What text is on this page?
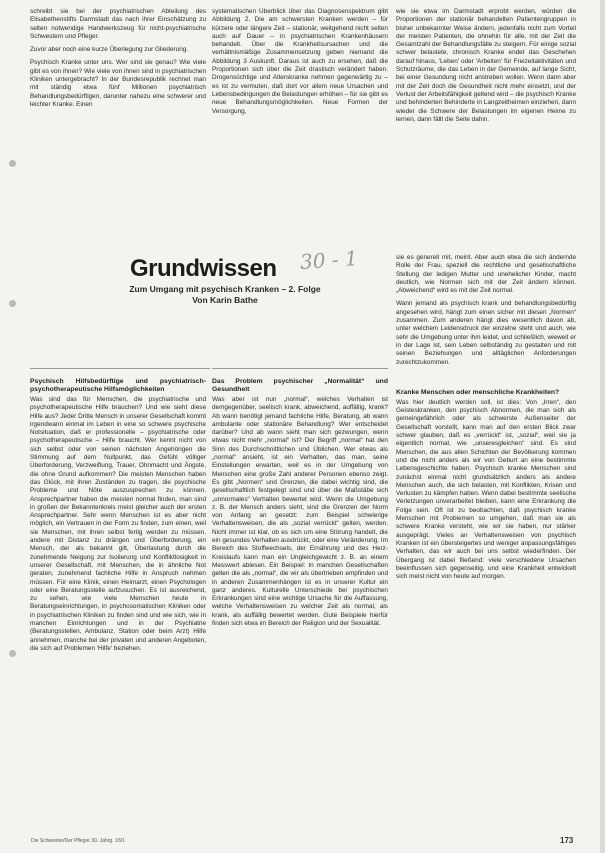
schreibt sie bei der psychiatrischen Abteilung des Elisabethenstifts Darmstadt das nach ihrer Einschätzung zu selten notwendige Handwerkszeug für nicht-psychiatrische Schwestern und Pfleger.

Zuvor aber noch eine kurze Überlegung zur Gliederung.

Psychisch Kranke unter uns. Wer sind sie genau? Wie viele gibt es von ihnen? Wie viele von ihnen sind in psychiatrischen Kliniken untergebracht? In der Bundesrepublik rechnet man mit ständig etwa fünf Millionen psychiatrisch Behandlungsbedürftigen, darunter nahezu eine schwerer und leichter Kranke. Einen

systematischen Überblick über das Diagnosenspektrum gibt Abbildung 2. Die am schwersten Kranken werden – für kürzere oder längere Zeit – stationär, weitgehend nicht selten auch auf Dauer – in psychiatrischen Krankenhäusern behandelt. Über die Krankheitsursachen und die verhältnismäßige Zusammensetzung geben niemand die Abbildung 3 Auskunft. Daraus ist auch zu ersehen, daß die Proportionen sich über die Zeit drastisch verändert haben. Drogensüchtige und Alterskranke nehmen gegenwärtig zu – es ist zu vermuten, daß dort vor allem neue Ursachen und Lebensbedingungen die Belastungen erhöhen – für sie gibt es neue Behandlungsmöglichkeiten. Neue Formen der Versorgung,

wie sie etwa im Darmstadt erprobt werden, würden die Proportionen der stationär behandelten Patientengruppen in bisher unbekannter Weise ändern, jedenfalls nicht zum Vorteil der meisten Patienten, die ohnehin für alle, mit der Zeit die Gesamtzahl der Behandlungsfälle zu steigern. Für einige sozial schwer belastete, chronisch Kranke endet das Geschehen darauf hinaus, 'Leben' oder 'Arbeiten' für Freizeitaktivitäten und Schutzräume, die das Leben in der Gemeinde, auf lange Sicht, bei einer Gesundung nicht anstreben wollen. Wenn dann aber mit der Zeit doch die Gesundheit nicht mehr einsetzt, und der Verlust der Arbeitsfähigkeit geltend wird – die psychisch Kranke und behinderten Behinderte in Langzeitheimen einziehen, dann wieder die Schwere der Belastungen im eigenen Heime zu lernen, dann fällt die Seite dahin.

Grundwissen	30 - 1
Zum Umgang mit psychisch Kranken – 2. Folge
Von Karin Bathe
Psychisch Hilfsbedürftige und psychiatrisch-psychotherapeutische Hilfsmöglichkeiten

Was sind das für Menschen, die psychiatrische und psychotherapeutische Hilfe brauchen? Und wie sieht diese Hilfe aus? Jeder Dritte Mensch in unserer Gesellschaft kommt irgendwann einmal im Leben in eine so schwere psychische Notsituation, daß er professionelle – psychiatrische oder psychotherapeutische – Hilfe braucht. Wer kennt nicht von sich selbst oder von seinen nächsten Angehörigen die Stimmung auf dem Nullpunkt, das Gefühl völliger Überforderung, Verzweiflung, Trauer, Ohnmacht und Ängste, die ohne Grund aufkommen? Die meisten Menschen haben das Glück, mit ihren Zuständen zu tragen, die psychische Probleme und Nöte auszusprechen zu können. Ansprechpartner haben die meisten normal finden, man sind in großen der Bekanntenkreis meist gleicher auch der ersten Ansprechpartner. Sehr wenn Menschen ist es aber nicht möglich, ein Vertrauen in der Form zu finden, zum einen, weil sie Menschen, mit ihren selbst fertig werden zu müssen, andere mit Distanz zu drängen und Überforderung, ein Mensch, der als bekannt gilt, Überlastung durch die zunehmende Neigung zur Isolierung und Konfliktlosigkeit in unserer Gesellschaft, mit Menschen, die in ähnliche Not geraten, zunehmend fachliche Hilfe in Anspruch nehmen müssen. Für eine Klinik, einen Heimarzt, einen Psychologen oder eine Beratungsstelle aufzusuchen. Es ist ausreichend, zu sehen, wie viele Menschen heute in Beratungseinrichtungen, in psychosomatischen Kliniken oder in psychiatrischen Kliniken zu finden sind und wie sich, wie in manchen Einrichtungen und in der Psychiatrie (Beratungsstellen, Ambulanz, Station oder beim Arzt) Hilfe annehmen, manche bei der privaten und anderen Angeboten, die sich auf Problemen 'Hilfe' beziehen.

Das Problem psychischer „Normalität“ und Gesundheit

Was aber ist nun „normal“, welches Verhalten ist demgegenüber, seelisch krank, abweichend, auffällig, krank? Ab wann benötigt jemand fachliche Hilfe, Beratung, ab wann ambulante oder stationäre Behandlung? Wer entscheidet darüber? Und ab wann sieht man sich gezwungen, wenn etwas nicht mehr „normal“ ist? Der Begriff „normal“ hat den Sinn des Durchschnittlichen und Üblichen. Wer etwas als „normal“ ansieht, ist ein Verhalten, das man, seine Einstellungen erwarten, weil es in der Umgebung von Menschen eine große Zahl anderer Personen ebenso zeigt. Es gibt „Normen“ und Grenzen, die dabei wichtig sind, die gesellschaftlich festgelegt sind und über die Maßstäbe sich „unnormales“ Verhalten bewertet wird. Wenn die Umgebung z. B. der Mensch anders sieht, sind die Grenzen der Norm von Anfang an gesetzt: zum Beispiel schwierige Verhaltensweisen, die als „sozial verrückt“ gelten, werden. Nicht immer ist klar, ob es sich um eine Störung handelt, die ein gesundes Verhalten ausdrückt, oder eine Veränderung. Im Bereich des Stoffwechsels, der Ernährung und des Herz-Kreislaufs kann man ein Ungleichgewicht z. B. an einem Messwert ablesen. Ein Beispiel: In manchen Gesellschaften gelten die als „normal“, die wir als übertrieben empfinden und in anderen Zusammenhängen ist es in unserer Kultur ein ganz anderes. Kulturelle Unterschiede bei psychischen Erkrankungen sind eine wichtige Ursache für die Auffassung, welche Verhaltensweisen zu welcher Zeit als normal, als krank, als auffällig bewertet werden. Gute Beispiele hierfür finden sich etwa im Bereich der Religion und der Sexualität.

sie es generell mit, meint. Aber auch etwa die sich ändernde Rolle der Frau, speziell die rechtliche und gesellschaftliche Stellung der ledigen Mutter und unehelicher Kinder, macht deutlich, wie Normen sich mit der Zeit ändern können. „Abweichend“ wird es mit der Zeit normal.

Wann jemand als psychisch krank und behandlungsbedürftig angesehen wird, hängt zum einen sicher mit diesen „Normen“ zusammen. Zum anderen hängt dies wesentlich davon ab, unter welchem Leidensdruck der einzelne steht und auch, wie sehr die Umgebung unter ihm leidet, und schließlich, wieweit er in der Lage ist, sein Leben selbständig zu gestalten und mit seinen Beziehungen und alltäglichen Anforderungen zurechtzukommen.

Kranke Menschen oder menschliche Krankheiten?

Was hier deutlich werden soll, ist dies: Von „Irren“, den Geisteskranken, den psychisch Abnormen, die man sich als gemeingefährlich oder als schwerste Außenseiter der Gesellschaft vorstellt, kann man auf den ersten Blick zwar schwer glauben, daß es „verrückt“ ist, „sozial“, weil sie ja eigentlich normal, wie „unseresgleichen“ sind. Es sind Menschen, die aus allen Schichten der Bevölkerung kommen und die nicht anders als wir von Geburt an eine bestimmte Lebensgeschichte haben. Psychisch kranke Menschen sind zunächst einmal nicht grundsätzlich anders als andere Menschen auch, die sich belasten, mit Konflikten, Krisen und Verlusten zu kämpfen haben. Wenn dabei bestimmte seelische Verletzungen unverarbeitet bleiben, kann eine Erkrankung die Folge sein. Oft ist zu beobachten, daß psychisch kranke Menschen mit Problemen so umgehen, daß man sie als schwere Kranke versteht, wie wir sie haben, nur stärker ausgeprägt. Vieles an Verhaltensweisen von psychisch Kranken ist ein übersteigertes und weniger anpassungsfähiges Verhalten, das wir auch bei uns selbst wiederfinden. Der Übergang ist dabei fließend: viele verschiedene Ursachen beeinflussen sich gegenseitig, und eine Krankheit entwickelt sich meist nicht von heute auf morgen.

Die Schwester/Der Pfleger 30. Jahrg. 1/91	173
